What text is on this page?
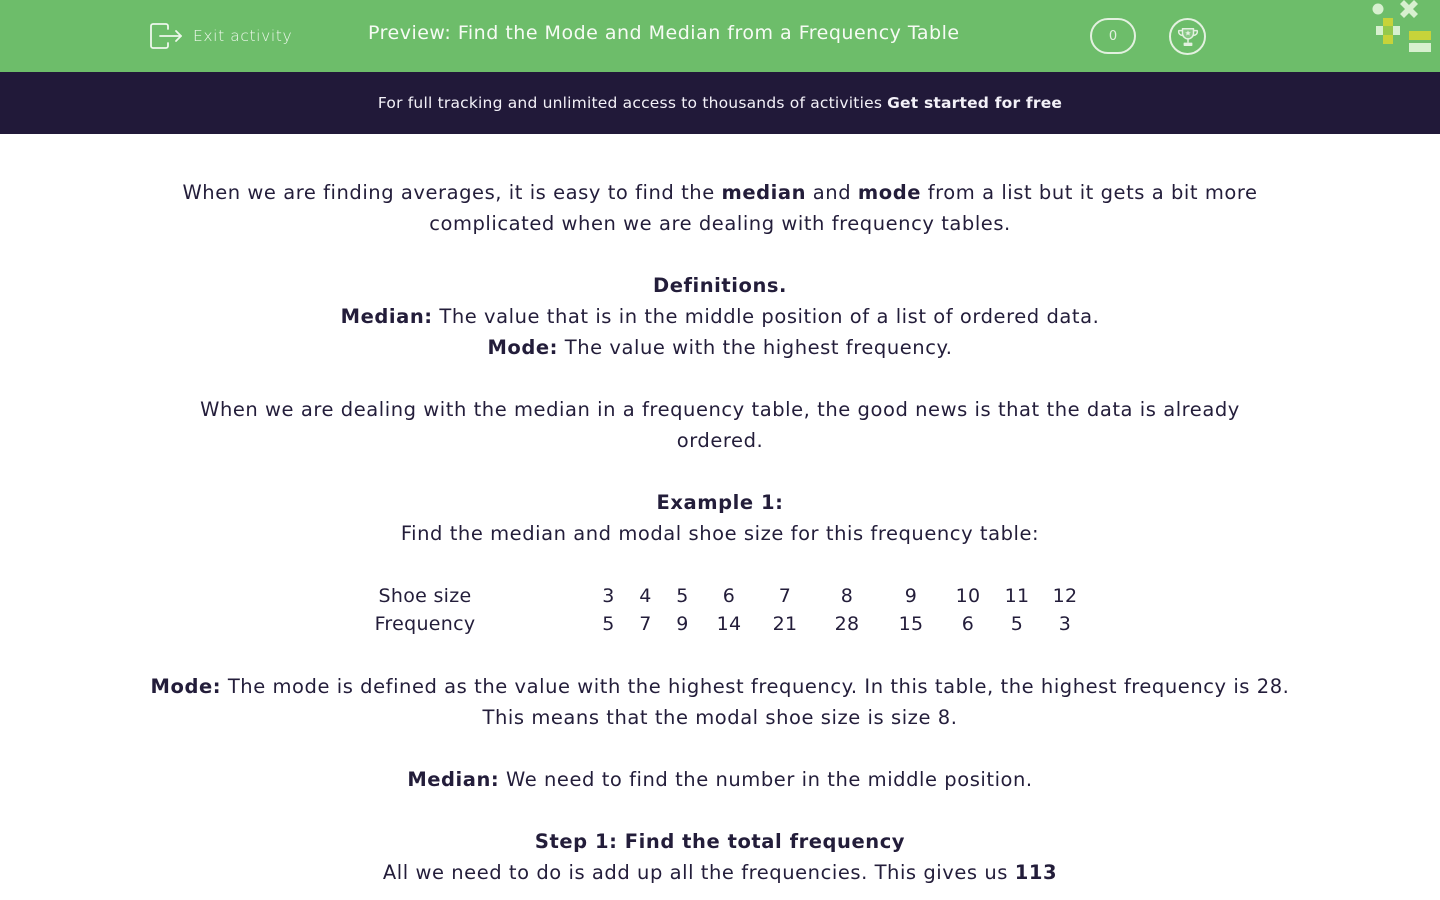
Exit activity	Preview: Find the Mode and Median from a Frequency Table	0
For full tracking and unlimited access to thousands of activities Get started for free

When we are finding averages, it is easy to find the median and mode from a list but it gets a bit more complicated when we are dealing with frequency tables.

Definitions.

Median: The value that is in the middle position of a list of ordered data.

Mode: The value with the highest frequency.

When we are dealing with the median in a frequency table, the good news is that the data is already ordered.

Example 1:

Find the median and modal shoe size for this frequency table:

Shoe size		3	4	5	6	7	8	9	10	11	12
Frequency		5	7	9	14	21	28	15	6	5	3

Mode: The mode is defined as the value with the highest frequency. In this table, the highest frequency is 28.

This means that the modal shoe size is size 8.

Median: We need to find the number in the middle position.

Step 1: Find the total frequency

All we need to do is add up all the frequencies. This gives us 113
